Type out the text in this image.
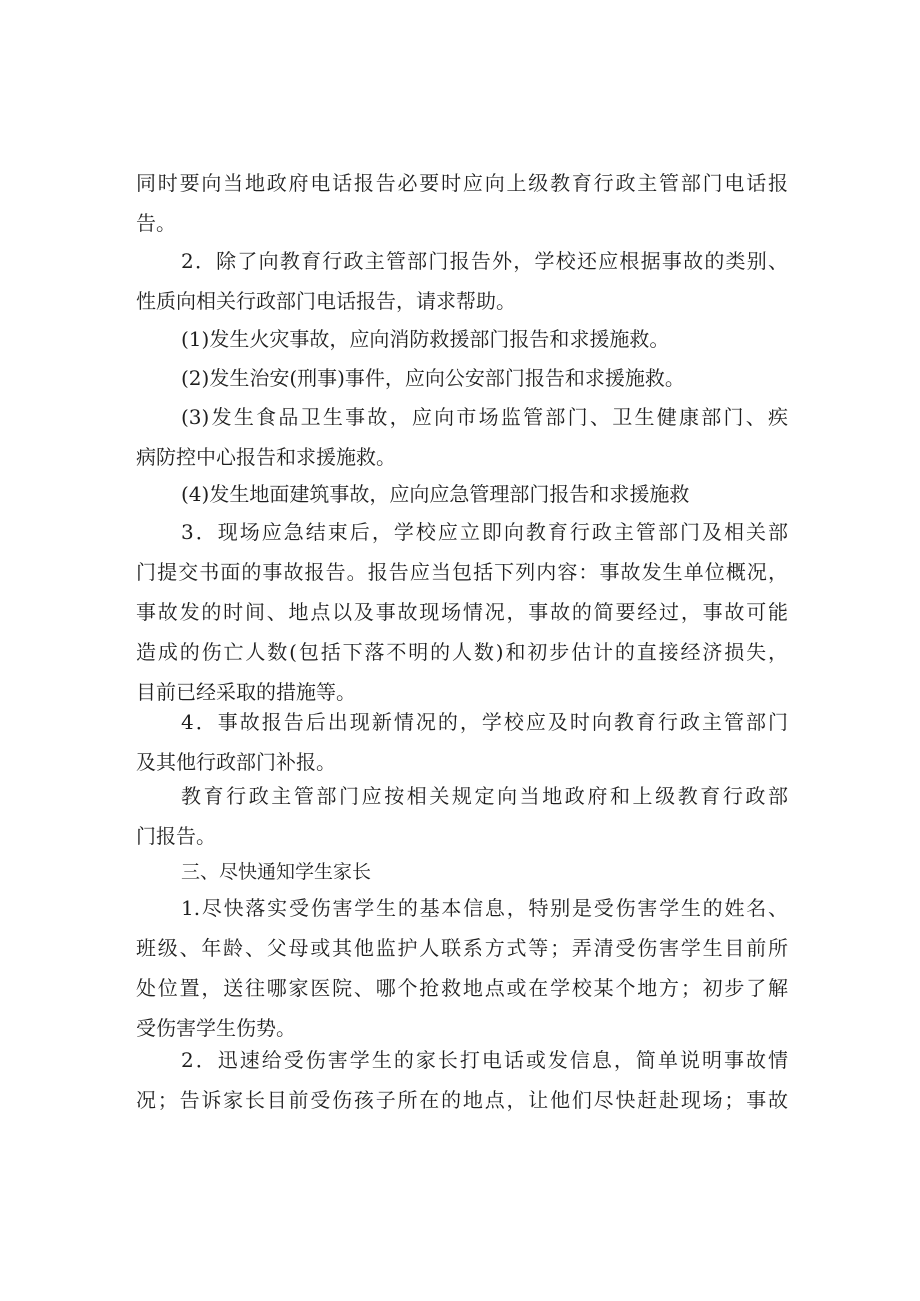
同时要向当地政府电话报告必要时应向上级教育行政主管部门电话报
告。
2．除了向教育行政主管部门报告外，学校还应根据事故的类别、
性质向相关行政部门电话报告，请求帮助。
(1)发生火灾事故，应向消防救援部门报告和求援施救。
(2)发生治安(刑事)事件，应向公安部门报告和求援施救。
(3)发生食品卫生事故，应向市场监管部门、卫生健康部门、疾
病防控中心报告和求援施救。
(4)发生地面建筑事故，应向应急管理部门报告和求援施救
3．现场应急结束后，学校应立即向教育行政主管部门及相关部
门提交书面的事故报告。报告应当包括下列内容：事故发生单位概况，
事故发的时间、地点以及事故现场情况，事故的简要经过，事故可能
造成的伤亡人数(包括下落不明的人数)和初步估计的直接经济损失，
目前已经采取的措施等。
4．事故报告后出现新情况的，学校应及时向教育行政主管部门
及其他行政部门补报。
教育行政主管部门应按相关规定向当地政府和上级教育行政部
门报告。
三、尽快通知学生家长
1.尽快落实受伤害学生的基本信息，特别是受伤害学生的姓名、
班级、年龄、父母或其他监护人联系方式等；弄清受伤害学生目前所
处位置，送往哪家医院、哪个抢救地点或在学校某个地方；初步了解
受伤害学生伤势。
2．迅速给受伤害学生的家长打电话或发信息，简单说明事故情
况；告诉家长目前受伤孩子所在的地点，让他们尽快赶赴现场；事故
